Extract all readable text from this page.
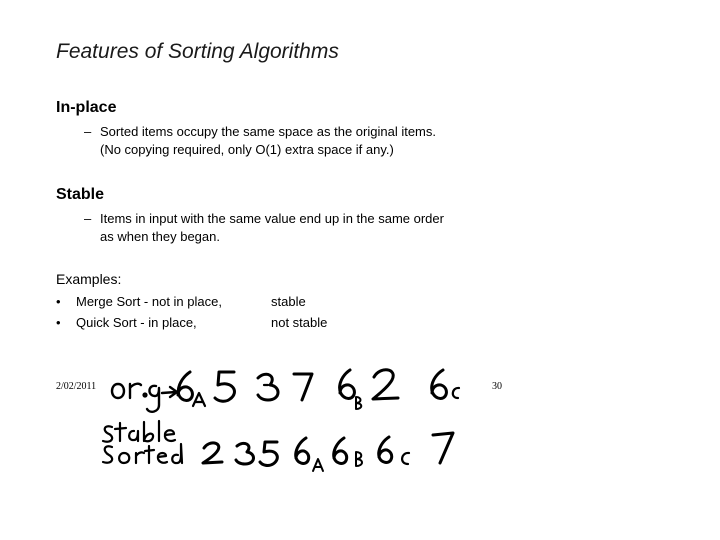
Features of Sorting Algorithms
In-place
– Sorted items occupy the same space as the original items.
(No copying required, only O(1) extra space if any.)
Stable
– Items in input with the same value end up in the same order
as when they began.
Examples:
• Merge Sort - not in place,	stable
• Quick Sort - in place,	not stable
2/02/2011	30
